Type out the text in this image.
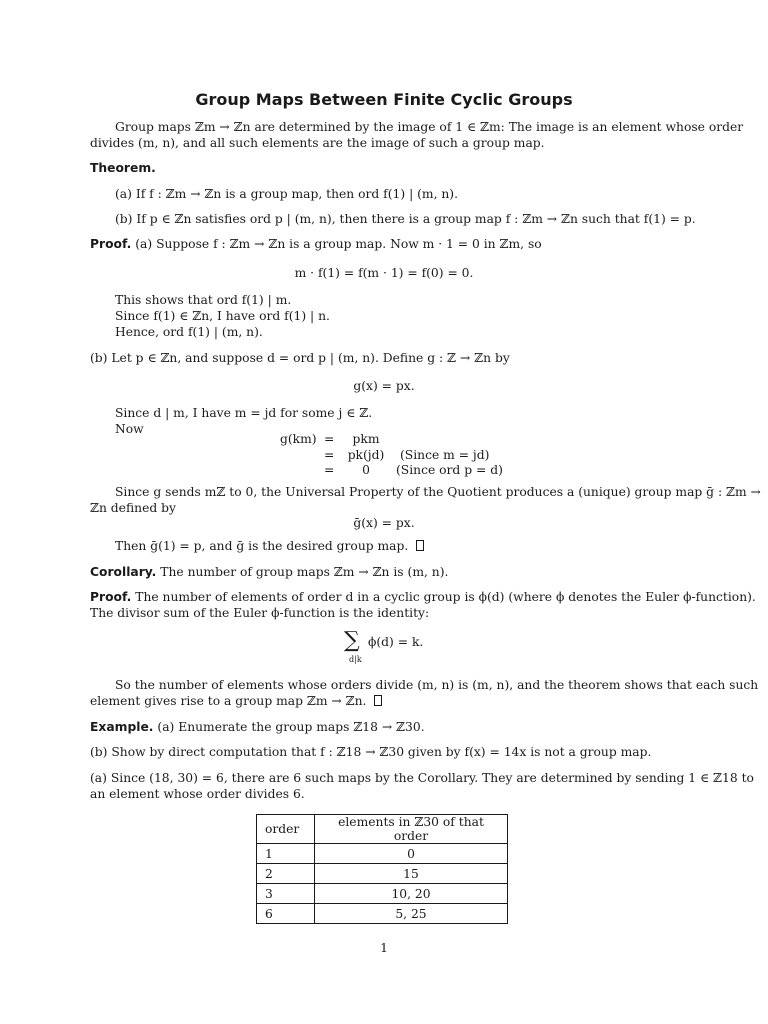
Group Maps Between Finite Cyclic Groups
Group maps ℤm → ℤn are determined by the image of 1 ∈ ℤm: The image is an element whose order
divides (m, n), and all such elements are the image of such a group map.
Theorem.
(a) If f : ℤm → ℤn is a group map, then ord f(1) | (m, n).
(b) If p ∈ ℤn satisfies ord p | (m, n), then there is a group map f : ℤm → ℤn such that f(1) = p.
Proof. (a) Suppose f : ℤm → ℤn is a group map. Now m · 1 = 0 in ℤm, so
m · f(1) = f(m · 1) = f(0) = 0.
This shows that ord f(1) | m.
Since f(1) ∈ ℤn, I have ord f(1) | n.
Hence, ord f(1) | (m, n).
(b) Let p ∈ ℤn, and suppose d = ord p | (m, n). Define g : ℤ → ℤn by
g(x) = px.
Since d | m, I have m = jd for some j ∈ ℤ.
Now
g(km) =	pkm
= pk(jd) (Since m = jd)
=	0	(Since ord p = d)
Since g sends mℤ to 0, the Universal Property of the Quotient produces a (unique) group map ḡ : ℤm →
ℤn defined by
ḡ(x) = px.
Then ḡ(1) = p, and ḡ is the desired group map.
Corollary. The number of group maps ℤm → ℤn is (m, n).
Proof. The number of elements of order d in a cyclic group is ϕ(d) (where ϕ denotes the Euler ϕ-function).
The divisor sum of the Euler ϕ-function is the identity:
∑
d|k
ϕ(d) = k.
So the number of elements whose orders divide (m, n) is (m, n), and the theorem shows that each such
element gives rise to a group map ℤm → ℤn.
Example. (a) Enumerate the group maps ℤ18 → ℤ30.
(b) Show by direct computation that f : ℤ18 → ℤ30 given by f(x) = 14x is not a group map.
(a) Since (18, 30) = 6, there are 6 such maps by the Corollary. They are determined by sending 1 ∈ ℤ18 to
an element whose order divides 6.
order	elements in ℤ30 of that order
1	0
2	15
3	10, 20
6	5, 25
1
